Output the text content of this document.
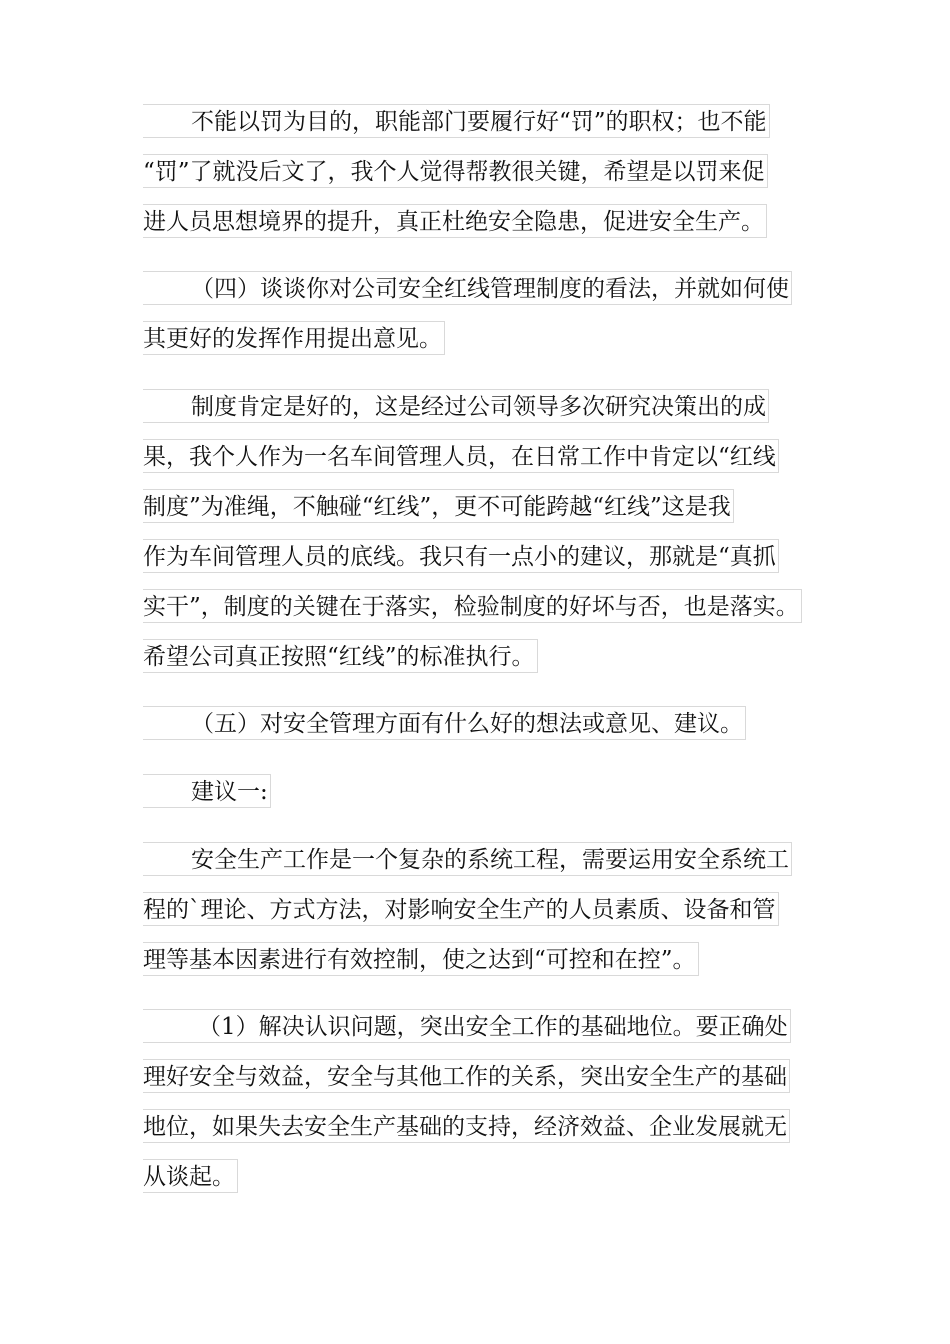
不能以罚为目的，职能部门要履行好“罚”的职权；也不能
“罚”了就没后文了，我个人觉得帮教很关键，希望是以罚来促
进人员思想境界的提升，真正杜绝安全隐患，促进安全生产。
（四）谈谈你对公司安全红线管理制度的看法，并就如何使
其更好的发挥作用提出意见。
制度肯定是好的，这是经过公司领导多次研究决策出的成
果，我个人作为一名车间管理人员，在日常工作中肯定以“红线
制度”为准绳，不触碰“红线”，更不可能跨越“红线”这是我
作为车间管理人员的底线。我只有一点小的建议，那就是“真抓
实干”，制度的关键在于落实，检验制度的好坏与否，也是落实。
希望公司真正按照“红线”的标准执行。
（五）对安全管理方面有什么好的想法或意见、建议。
建议一:
安全生产工作是一个复杂的系统工程，需要运用安全系统工
程的`理论、方式方法，对影响安全生产的人员素质、设备和管
理等基本因素进行有效控制，使之达到“可控和在控”。
（1）解决认识问题，突出安全工作的基础地位。要正确处
理好安全与效益，安全与其他工作的关系，突出安全生产的基础
地位，如果失去安全生产基础的支持，经济效益、企业发展就无
从谈起。
